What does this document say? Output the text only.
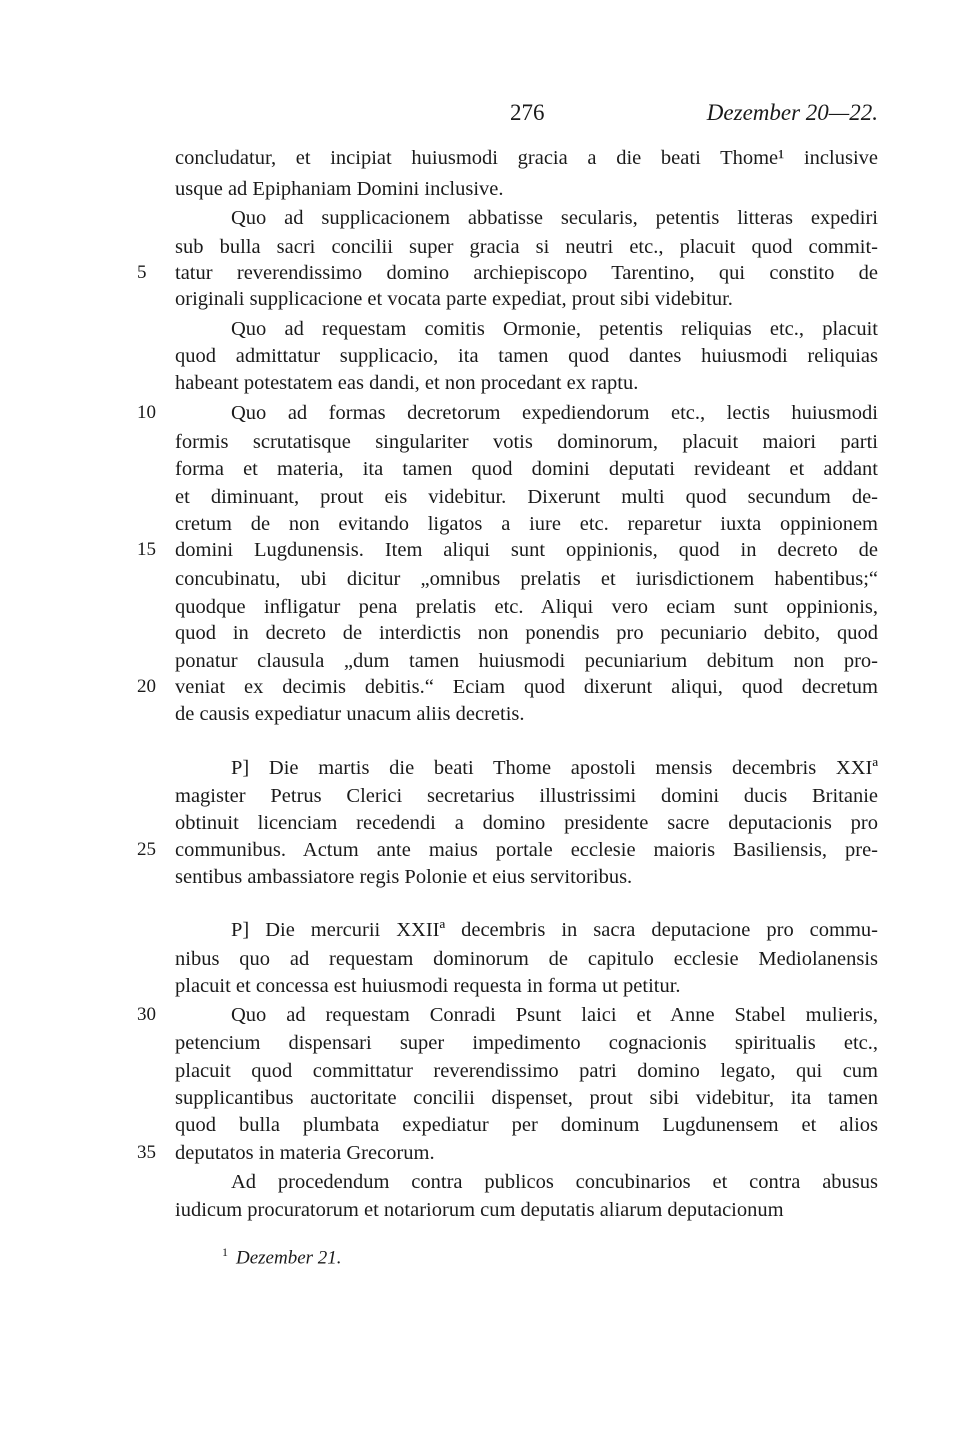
276	Dezember 20—22.
concludatur, et incipiat huiusmodi gracia a die beati Thome¹ inclusive
usque ad Epiphaniam Domini inclusive.
Quo ad supplicacionem abbatisse secularis, petentis litteras expediri
sub bulla sacri concilii super gracia si neutri etc., placuit quod commit-
tatur reverendissimo domino archiepiscopo Tarentino, qui constito de
originali supplicacione et vocata parte expediat, prout sibi videbitur.
Quo ad requestam comitis Ormonie, petentis reliquias etc., placuit
quod admittatur supplicacio, ita tamen quod dantes huiusmodi reliquias
habeant potestatem eas dandi, et non procedant ex raptu.
Quo ad formas decretorum expediendorum etc., lectis huiusmodi
formis scrutatisque singulariter votis dominorum, placuit maiori parti
forma et materia, ita tamen quod domini deputati revideant et addant
et diminuant, prout eis videbitur. Dixerunt multi quod secundum de-
cretum de non evitando ligatos a iure etc. reparetur iuxta oppinionem
domini Lugdunensis. Item aliqui sunt oppinionis, quod in decreto de
concubinatu, ubi dicitur „omnibus prelatis et iurisdictionem habentibus;“
quodque infligatur pena prelatis etc. Aliqui vero eciam sunt oppinionis,
quod in decreto de interdictis non ponendis pro pecuniario debito, quod
ponatur clausula „dum tamen huiusmodi pecuniarium debitum non pro-
veniat ex decimis debitis.“ Eciam quod dixerunt aliqui, quod decretum
de causis expediatur unacum aliis decretis.
P] Die martis die beati Thome apostoli mensis decembris XXIª
magister Petrus Clerici secretarius illustrissimi domini ducis Britanie
obtinuit licenciam recedendi a domino presidente sacre deputacionis pro
communibus. Actum ante maius portale ecclesie maioris Basiliensis, pre-
sentibus ambassiatore regis Polonie et eius servitoribus.
P] Die mercurii XXIIª decembris in sacra deputacione pro commu-
nibus quo ad requestam dominorum de capitulo ecclesie Mediolanensis
placuit et concessa est huiusmodi requesta in forma ut petitur.
Quo ad requestam Conradi Psunt laici et Anne Stabel mulieris,
petencium dispensari super impedimento cognacionis spiritualis etc.,
placuit quod committatur reverendissimo patri domino legato, qui cum
supplicantibus auctoritate concilii dispenset, prout sibi videbitur, ita tamen
quod bulla plumbata expediatur per dominum Lugdunensem et alios
deputatos in materia Grecorum.
Ad procedendum contra publicos concubinarios et contra abusus
iudicum procuratorum et notariorum cum deputatis aliarum deputacionum
5
10
15
20
25
30
35
$^1$ Dezember 21.
